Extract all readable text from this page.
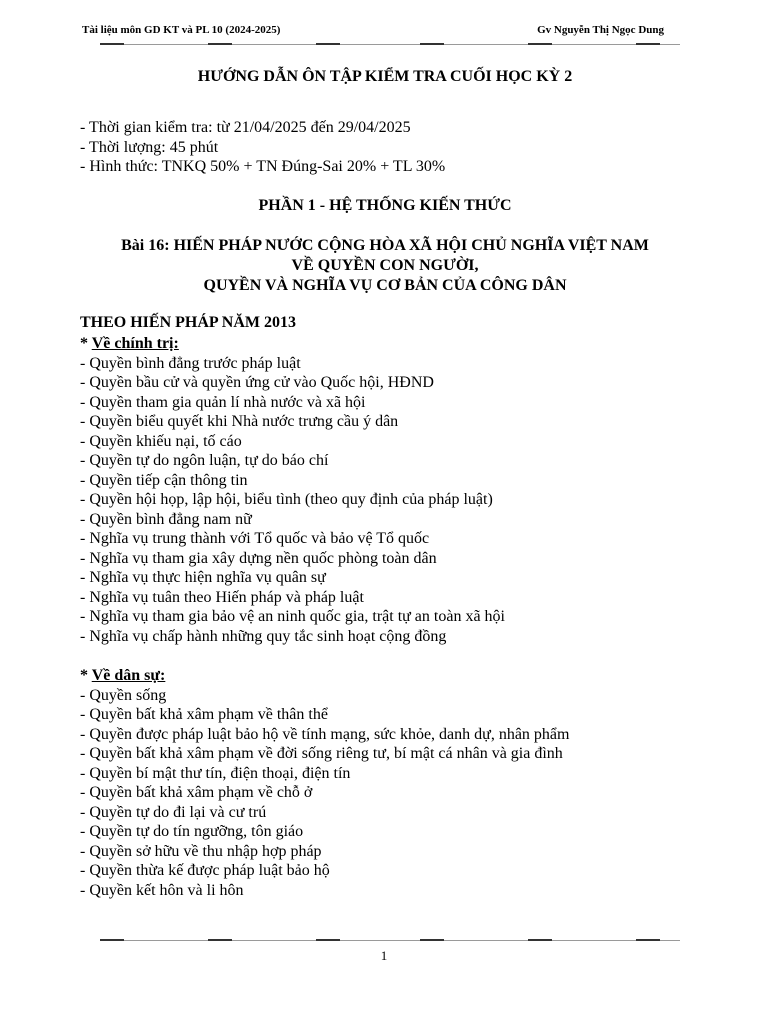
Tài liệu môn GD KT và PL 10 (2024-2025)	Gv Nguyễn Thị Ngọc Dung
HƯỚNG DẪN ÔN TẬP KIỂM TRA CUỐI HỌC KỲ 2
- Thời gian kiểm tra: từ 21/04/2025 đến 29/04/2025
- Thời lượng: 45 phút
- Hình thức: TNKQ 50% + TN Đúng-Sai 20% + TL 30%
PHẦN 1 - HỆ THỐNG KIẾN THỨC
Bài 16: HIẾN PHÁP NƯỚC CỘNG HÒA XÃ HỘI CHỦ NGHĨA VIỆT NAM
VỀ QUYỀN CON NGƯỜI,
QUYỀN VÀ NGHĨA VỤ CƠ BẢN CỦA CÔNG DÂN
THEO HIẾN PHÁP NĂM 2013
* Về chính trị:
- Quyền bình đẳng trước pháp luật
- Quyền bầu cử và quyền ứng cử vào Quốc hội, HĐND
- Quyền tham gia quản lí nhà nước và xã hội
- Quyền biểu quyết khi Nhà nước trưng cầu ý dân
- Quyền khiếu nại, tố cáo
- Quyền tự do ngôn luận, tự do báo chí
- Quyền tiếp cận thông tin
- Quyền hội họp, lập hội, biểu tình (theo quy định của pháp luật)
- Quyền bình đẳng nam nữ
- Nghĩa vụ trung thành với Tổ quốc và bảo vệ Tổ quốc
- Nghĩa vụ tham gia xây dựng nền quốc phòng toàn dân
- Nghĩa vụ thực hiện nghĩa vụ quân sự
- Nghĩa vụ tuân theo Hiến pháp và pháp luật
- Nghĩa vụ tham gia bảo vệ an ninh quốc gia, trật tự an toàn xã hội
- Nghĩa vụ chấp hành những quy tắc sinh hoạt cộng đồng
* Về dân sự:
- Quyền sống
- Quyền bất khả xâm phạm về thân thể
- Quyền được pháp luật bảo hộ về tính mạng, sức khỏe, danh dự, nhân phẩm
- Quyền bất khả xâm phạm về đời sống riêng tư, bí mật cá nhân và gia đình
- Quyền bí mật thư tín, điện thoại, điện tín
- Quyền bất khả xâm phạm về chỗ ở
- Quyền tự do đi lại và cư trú
- Quyền tự do tín ngưỡng, tôn giáo
- Quyền sở hữu về thu nhập hợp pháp
- Quyền thừa kế được pháp luật bảo hộ
- Quyền kết hôn và li hôn
1
